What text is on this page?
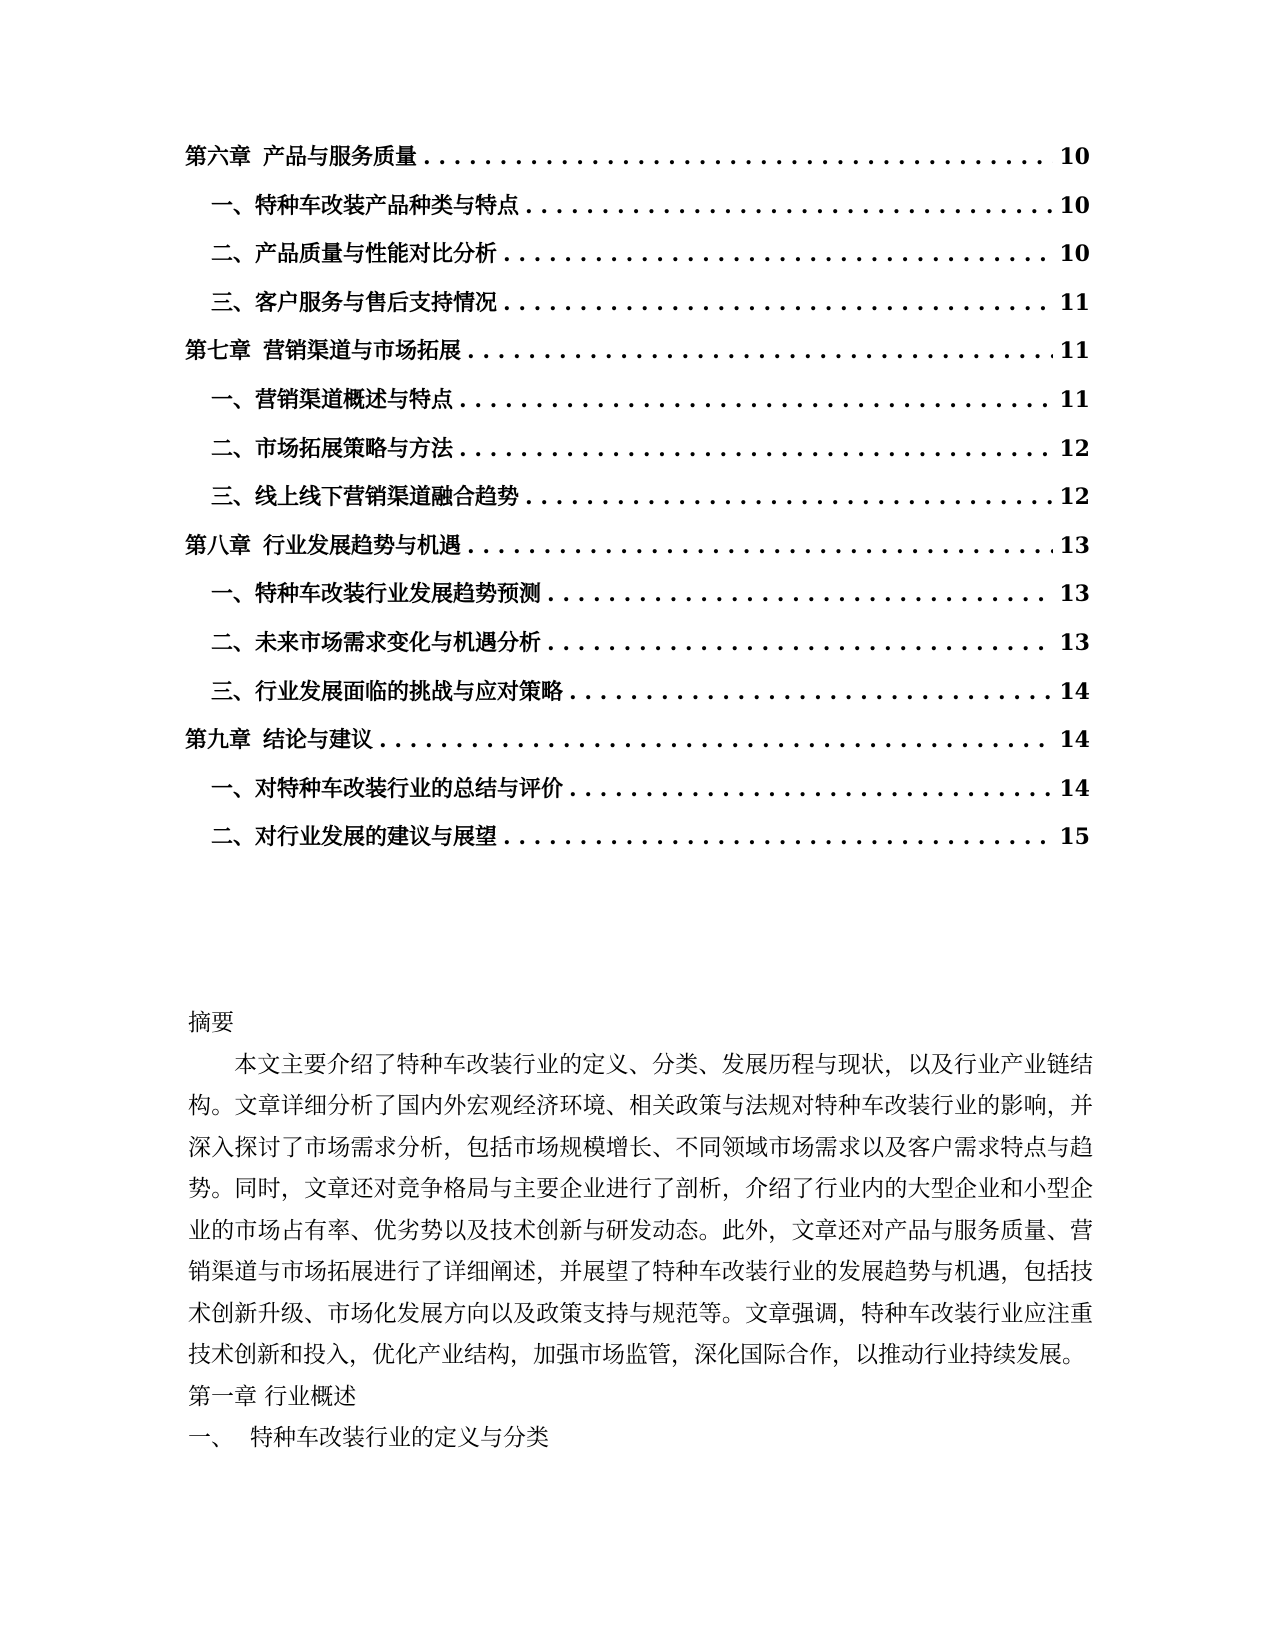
第六章 产品与服务质量 . . .	10
一、 特种车改装产品种类与特点 . . .	10
二、 产品质量与性能对比分析 . . .	10
三、 客户服务与售后支持情况 . . .	11
第七章 营销渠道与市场拓展 . . .	11
一、 营销渠道概述与特点 . . .	11
二、 市场拓展策略与方法 . . .	12
三、 线上线下营销渠道融合趋势 . . .	12
第八章 行业发展趋势与机遇 . . .	13
一、 特种车改装行业发展趋势预测 . . .	13
二、 未来市场需求变化与机遇分析 . . .	13
三、 行业发展面临的挑战与应对策略 . . .	14
第九章 结论与建议 . . .	14
一、 对特种车改装行业的总结与评价 . . .	14
二、 对行业发展的建议与展望 . . .	15

摘要

本文主要介绍了特种车改装行业的定义、分类、发展历程与现状，以及行业产业链结构。文章详细分析了国内外宏观经济环境、相关政策与法规对特种车改装行业的影响，并深入探讨了市场需求分析，包括市场规模增长、不同领域市场需求以及客户需求特点与趋势。同时，文章还对竞争格局与主要企业进行了剖析，介绍了行业内的大型企业和小型企业的市场占有率、优劣势以及技术创新与研发动态。此外，文章还对产品与服务质量、营销渠道与市场拓展进行了详细阐述，并展望了特种车改装行业的发展趋势与机遇，包括技术创新升级、市场化发展方向以及政策支持与规范等。文章强调，特种车改装行业应注重技术创新和投入，优化产业结构，加强市场监管，深化国际合作，以推动行业持续发展。

第一章 行业概述

一、 特种车改装行业的定义与分类
